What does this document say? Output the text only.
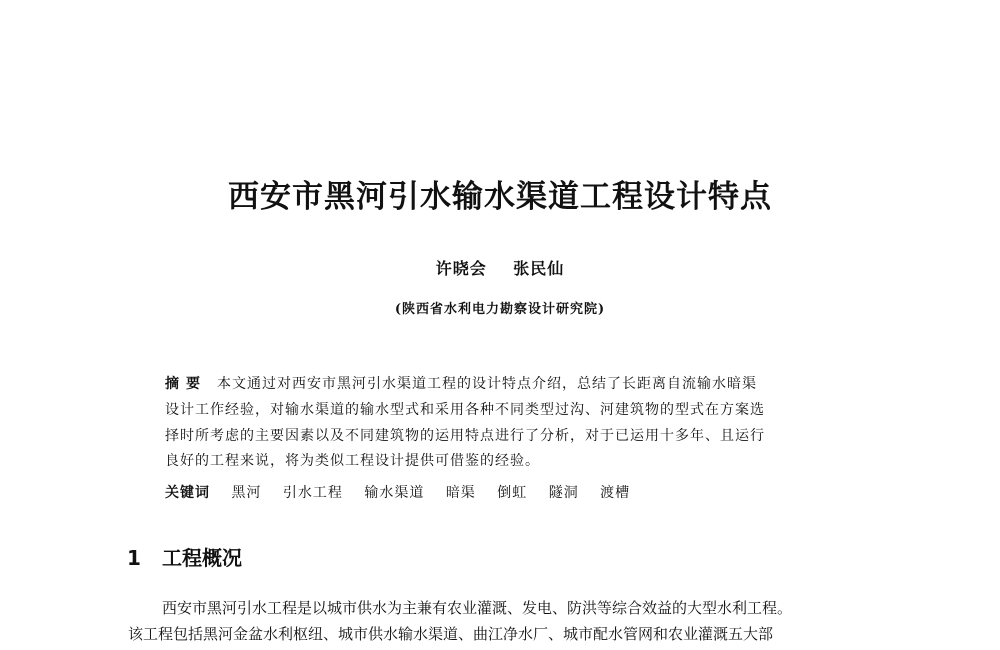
西安市黑河引水输水渠道工程设计特点
许晓会 张民仙
(陕西省水利电力勘察设计研究院)
摘要 本文通过对西安市黑河引水渠道工程的设计特点介绍，总结了长距离自流输水暗渠
设计工作经验，对输水渠道的输水型式和采用各种不同类型过沟、河建筑物的型式在方案选
择时所考虑的主要因素以及不同建筑物的运用特点进行了分析，对于已运用十多年、且运行
良好的工程来说，将为类似工程设计提供可借鉴的经验。
关键词 黑河 引水工程 输水渠道 暗渠 倒虹 隧洞 渡槽
1 工程概况
西安市黑河引水工程是以城市供水为主兼有农业灌溉、发电、防洪等综合效益的大型水利工程。
该工程包括黑河金盆水利枢纽、城市供水输水渠道、曲江净水厂、城市配水管网和农业灌溉五大部
